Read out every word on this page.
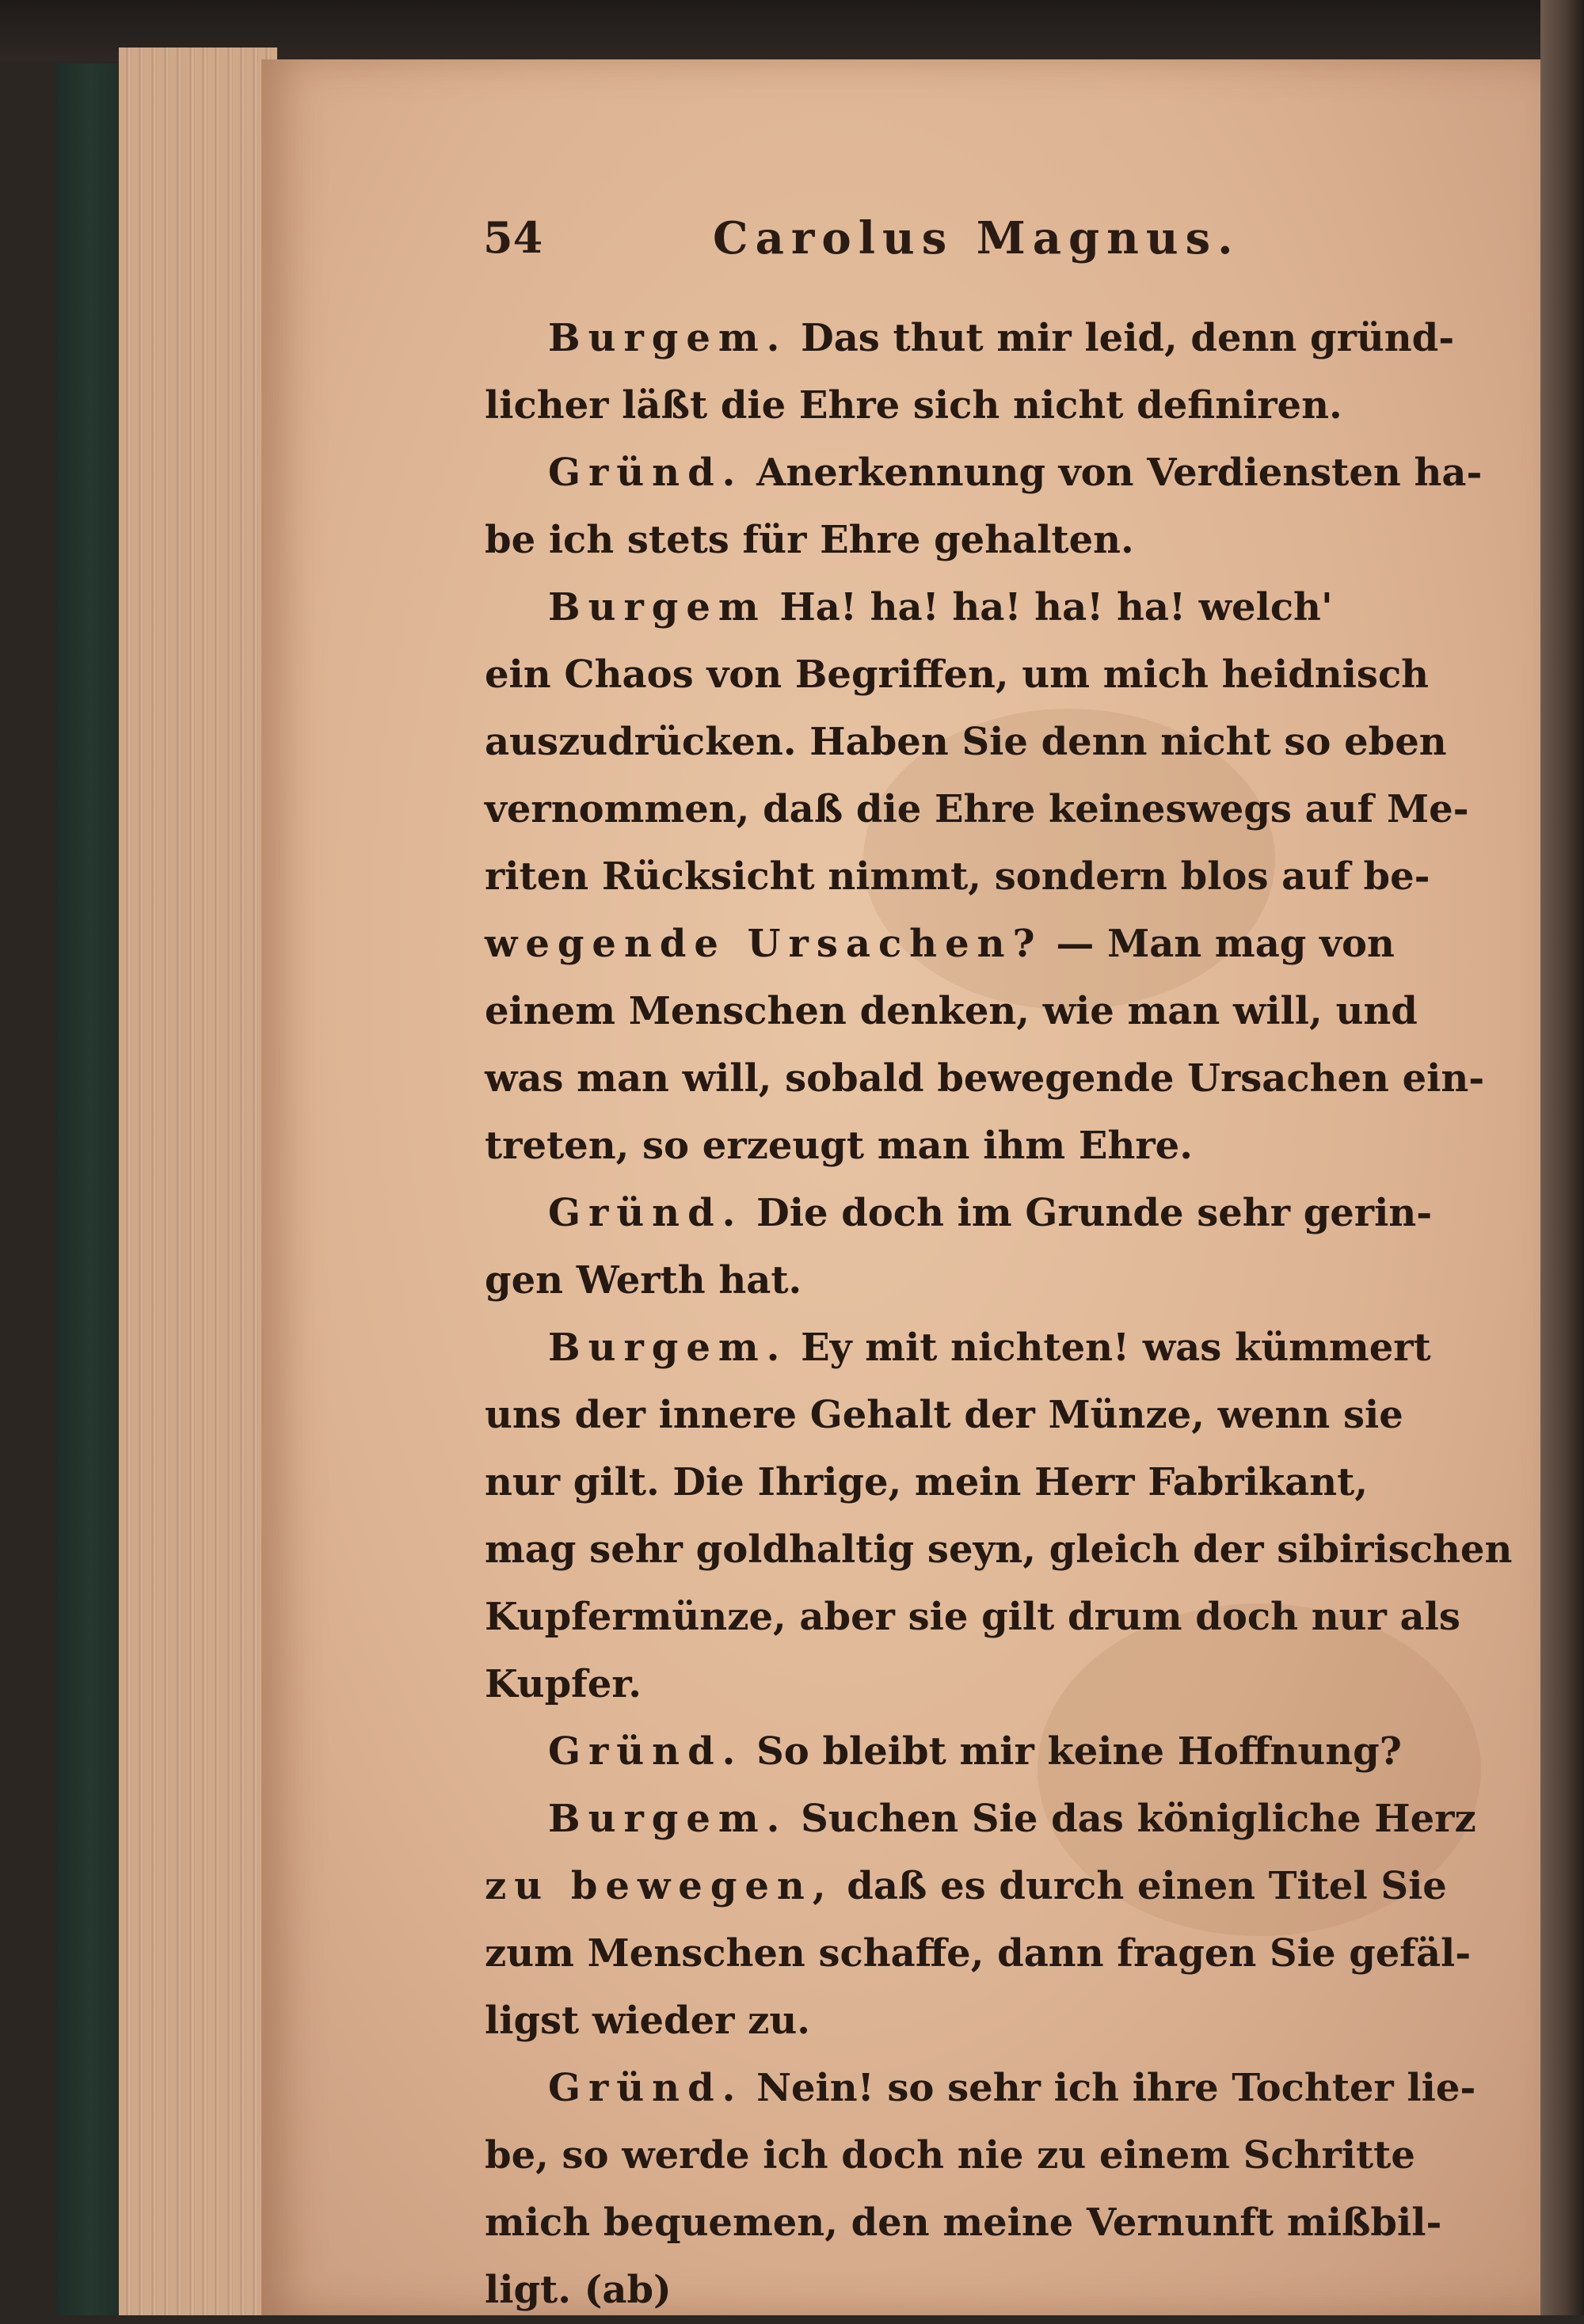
54	Carolus Magnus.
Burgem. Das thut mir leid, denn gründ-
licher läßt die Ehre sich nicht definiren.
Gründ. Anerkennung von Verdiensten ha-
be ich stets für Ehre gehalten.
Burgem Ha! ha! ha! ha! ha! welch'
ein Chaos von Begriffen, um mich heidnisch
auszudrücken. Haben Sie denn nicht so eben
vernommen, daß die Ehre keineswegs auf Me-
riten Rücksicht nimmt, sondern blos auf be-
wegende Ursachen? — Man mag von
einem Menschen denken, wie man will, und
was man will, sobald bewegende Ursachen ein-
treten, so erzeugt man ihm Ehre.
Gründ. Die doch im Grunde sehr gerin-
gen Werth hat.
Burgem. Ey mit nichten! was kümmert
uns der innere Gehalt der Münze, wenn sie
nur gilt. Die Ihrige, mein Herr Fabrikant,
mag sehr goldhaltig seyn, gleich der sibirischen
Kupfermünze, aber sie gilt drum doch nur als
Kupfer.
Gründ. So bleibt mir keine Hoffnung?
Burgem. Suchen Sie das königliche Herz
zu bewegen, daß es durch einen Titel Sie
zum Menschen schaffe, dann fragen Sie gefäl-
ligst wieder zu.
Gründ. Nein! so sehr ich ihre Tochter lie-
be, so werde ich doch nie zu einem Schritte
mich bequemen, den meine Vernunft mißbil-
ligt. (ab)
